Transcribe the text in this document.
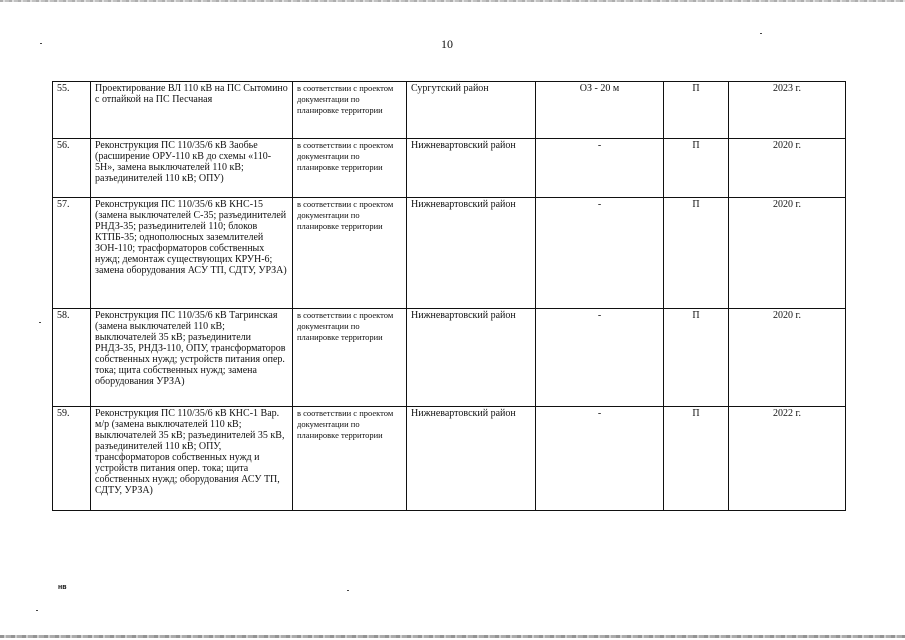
10
55.	Проектирование ВЛ 110 кВ на ПС Сытомино с отпайкой на ПС Песчаная	в соответствии с проектом документации по планировке территории	Сургутский район	ОЗ - 20 м	П	2023 г.
56.	Реконструкция ПС 110/35/6 кВ Заобье (расширение ОРУ-110 кВ до схемы «110-5Н», замена выключателей 110 кВ; разъединителей 110 кВ; ОПУ)	в соответствии с проектом документации по планировке территории	Нижневартовский район	-	П	2020 г.
57.	Реконструкция ПС 110/35/6 кВ КНС-15 (замена выключателей С-35; разъединителей РНДЗ-35; разъединителей 110; блоков КТПБ-35; однополюсных заземлителей ЗОН-110; трасформаторов собственных нужд; демонтаж существующих КРУН-6; замена оборудования АСУ ТП, СДТУ, УРЗА)	в соответствии с проектом документации по планировке территории	Нижневартовский район	-	П	2020 г.
58.	Реконструкция ПС 110/35/6 кВ Тагринская (замена выключателей 110 кВ; выключателей 35 кВ; разъединители РНДЗ-35, РНДЗ-110, ОПУ, трансформаторов собственных нужд; устройств питания опер. тока; щита собственных нужд; замена оборудования УРЗА)	в соответствии с проектом документации по планировке территории	Нижневартовский район	-	П	2020 г.
59.	Реконструкция ПС 110/35/6 кВ КНС-1 Вар. м/р (замена выключателей 110 кВ; выключателей 35 кВ; разъединителей 35 кВ, разъединителей 110 кВ; ОПУ, трансформаторов собственных нужд и устройств питания опер. тока; щита собственных нужд; оборудования АСУ ТП, СДТУ, УРЗА)	в соответствии с проектом документации по планировке территории	Нижневартовский район	-	П	2022 г.
нв
